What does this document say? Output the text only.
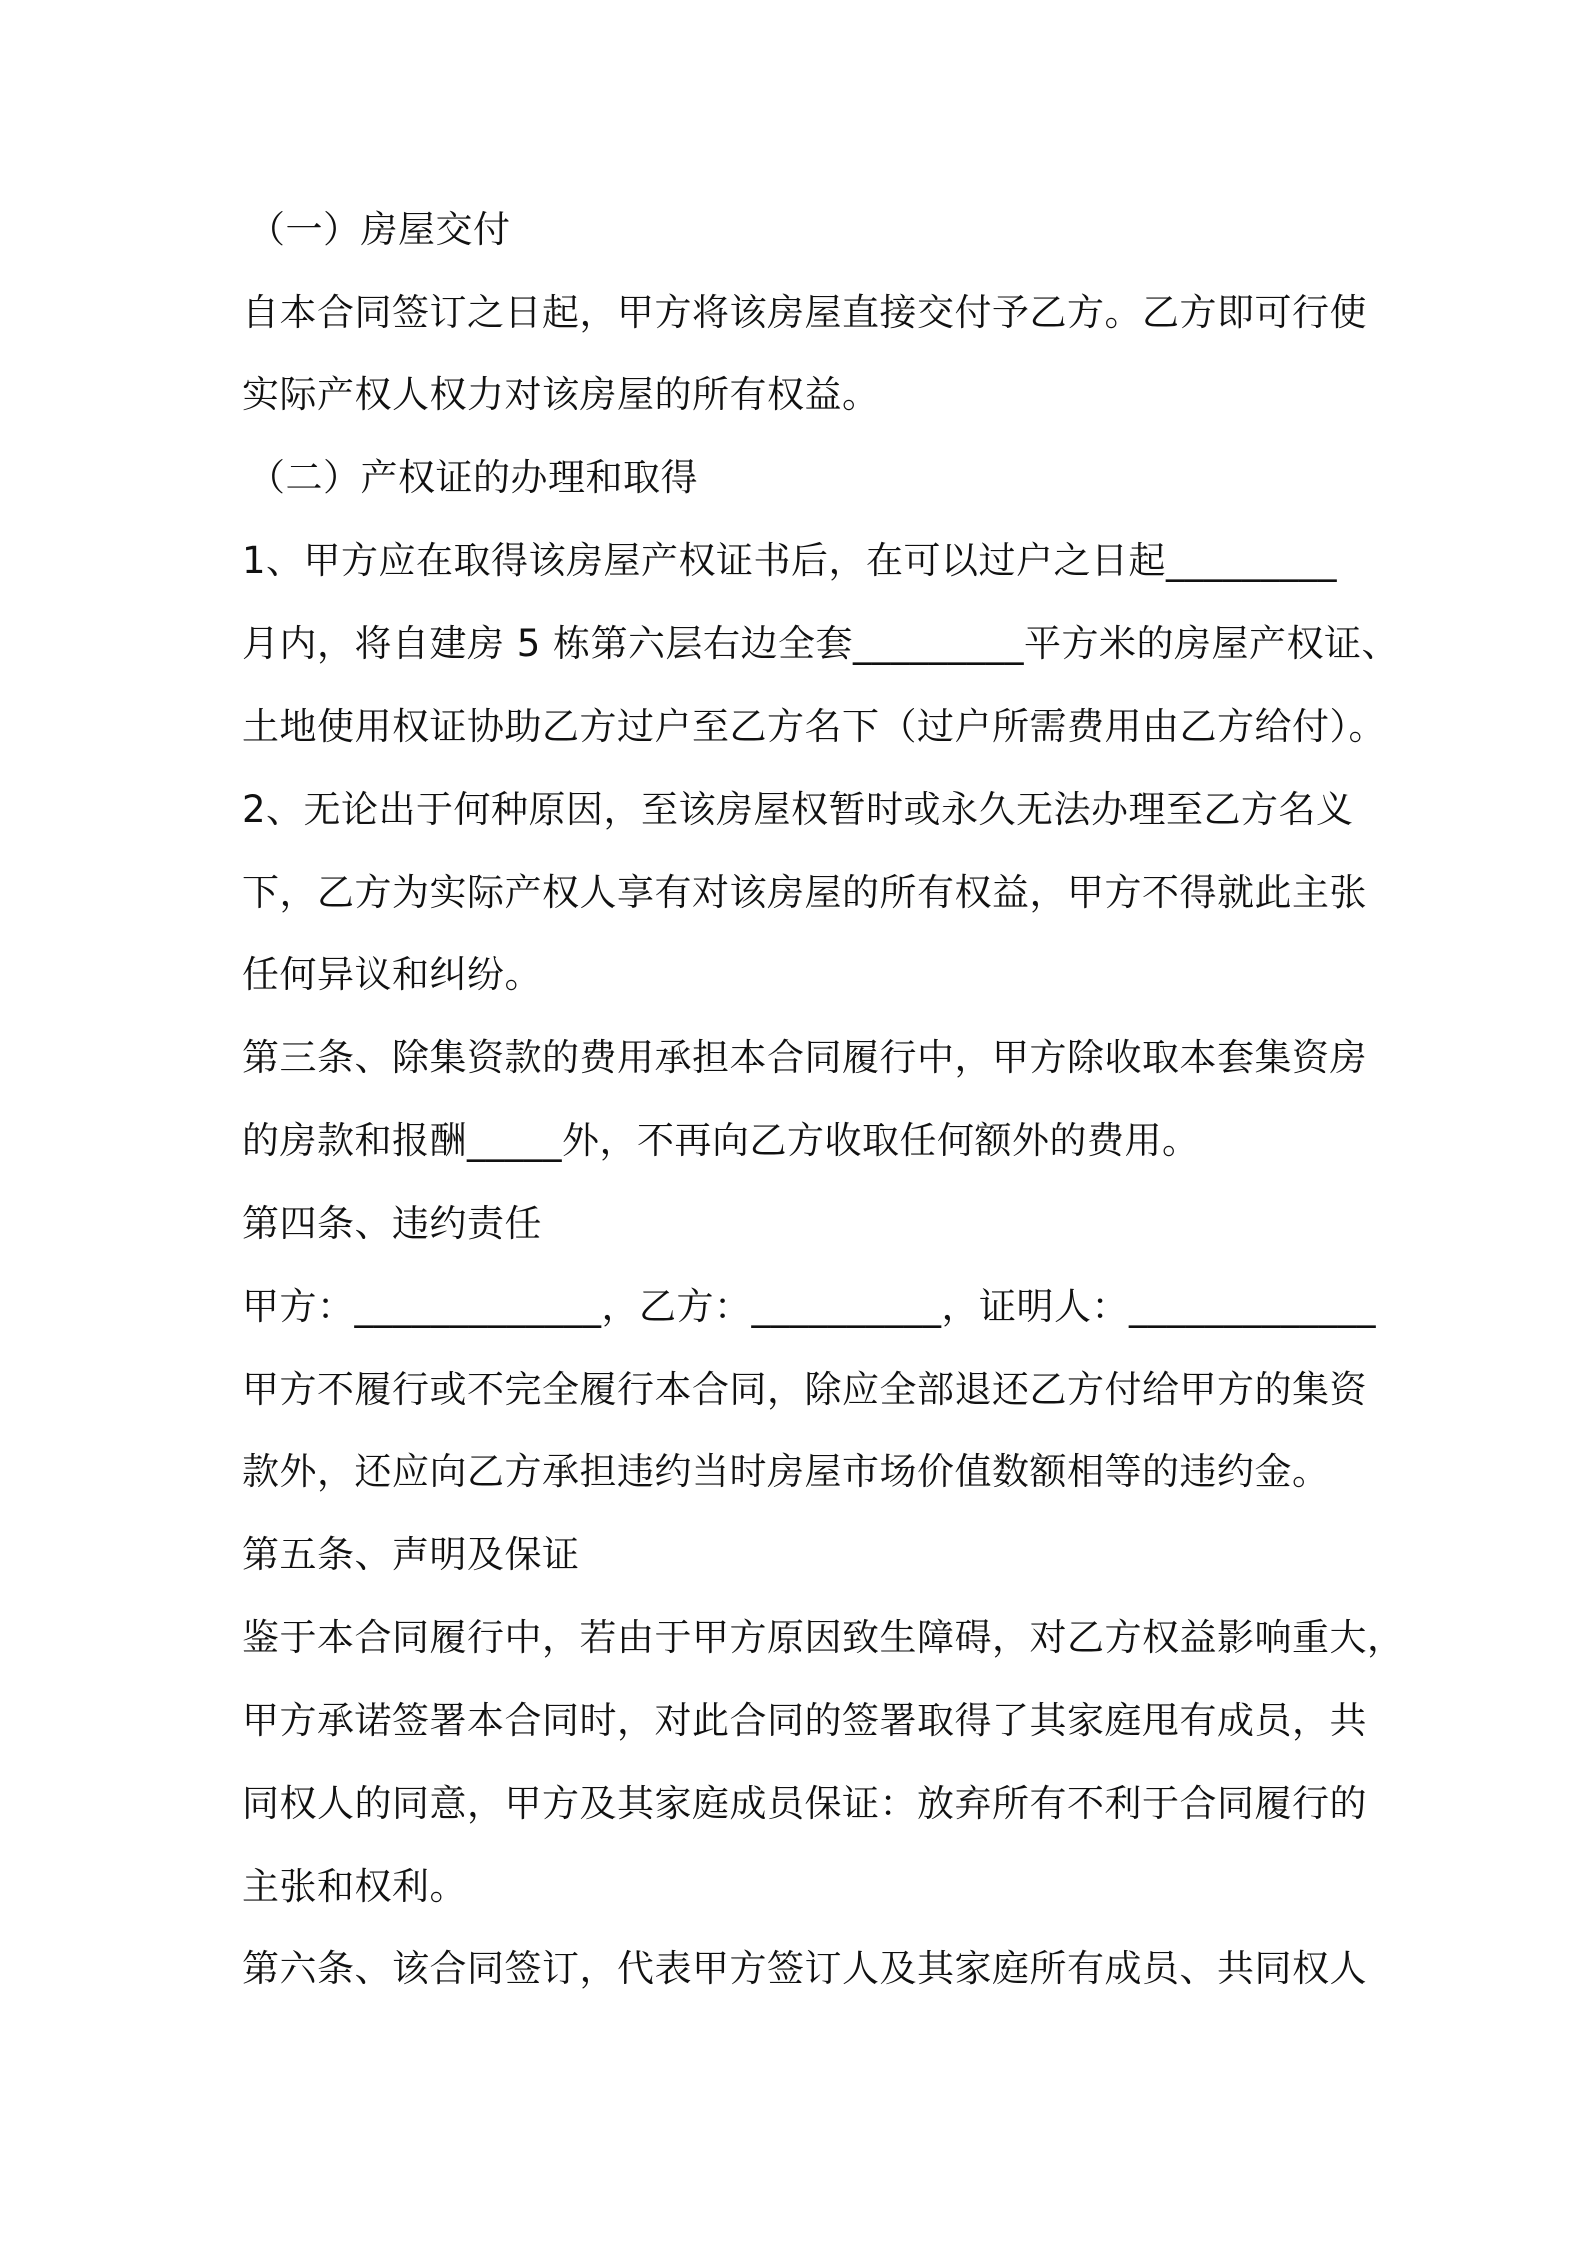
（一）房屋交付
自本合同签订之日起，甲方将该房屋直接交付予乙方。乙方即可行使
实际产权人权力对该房屋的所有权益。
（二）产权证的办理和取得
1、甲方应在取得该房屋产权证书后，在可以过户之日起_________
月内，将自建房 5 栋第六层右边全套_________平方米的房屋产权证、
土地使用权证协助乙方过户至乙方名下（过户所需费用由乙方给付）。
2、无论出于何种原因，至该房屋权暂时或永久无法办理至乙方名义
下，乙方为实际产权人享有对该房屋的所有权益，甲方不得就此主张
任何异议和纠纷。
第三条、除集资款的费用承担本合同履行中，甲方除收取本套集资房
的房款和报酬_____外，不再向乙方收取任何额外的费用。
第四条、违约责任
甲方：_____________，乙方：__________，证明人：_____________
甲方不履行或不完全履行本合同，除应全部退还乙方付给甲方的集资
款外，还应向乙方承担违约当时房屋市场价值数额相等的违约金。
第五条、声明及保证
鉴于本合同履行中，若由于甲方原因致生障碍，对乙方权益影响重大，
甲方承诺签署本合同时，对此合同的签署取得了其家庭甩有成员，共
同权人的同意，甲方及其家庭成员保证：放弃所有不利于合同履行的
主张和权利。
第六条、该合同签订，代表甲方签订人及其家庭所有成员、共同权人
